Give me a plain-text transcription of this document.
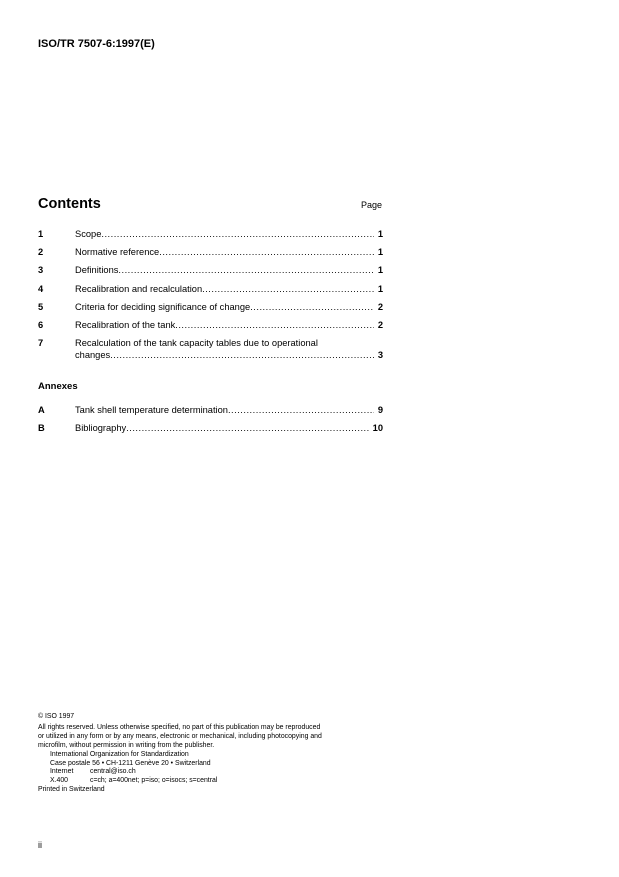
ISO/TR 7507-6:1997(E)
Contents	Page
1	Scope .....	1
2	Normative reference .....	1
3	Definitions .....	1
4	Recalibration and recalculation .....	1
5	Criteria for deciding significance of change .....	2
6	Recalibration of the tank .....	2
7	Recalculation of the tank capacity tables due to operational
changes .....	3
Annexes
A	Tank shell temperature determination .....	9
B	Bibliography .....	10
© ISO 1997
All rights reserved. Unless otherwise specified, no part of this publication may be reproduced
or utilized in any form or by any means, electronic or mechanical, including photocopying and
microfilm, without permission in writing from the publisher.
International Organization for Standardization
Case postale 56 • CH-1211 Genève 20 • Switzerland
Internet central@iso.ch
X.400	c=ch; a=400net; p=iso; o=isocs; s=central
Printed in Switzerland
ii
